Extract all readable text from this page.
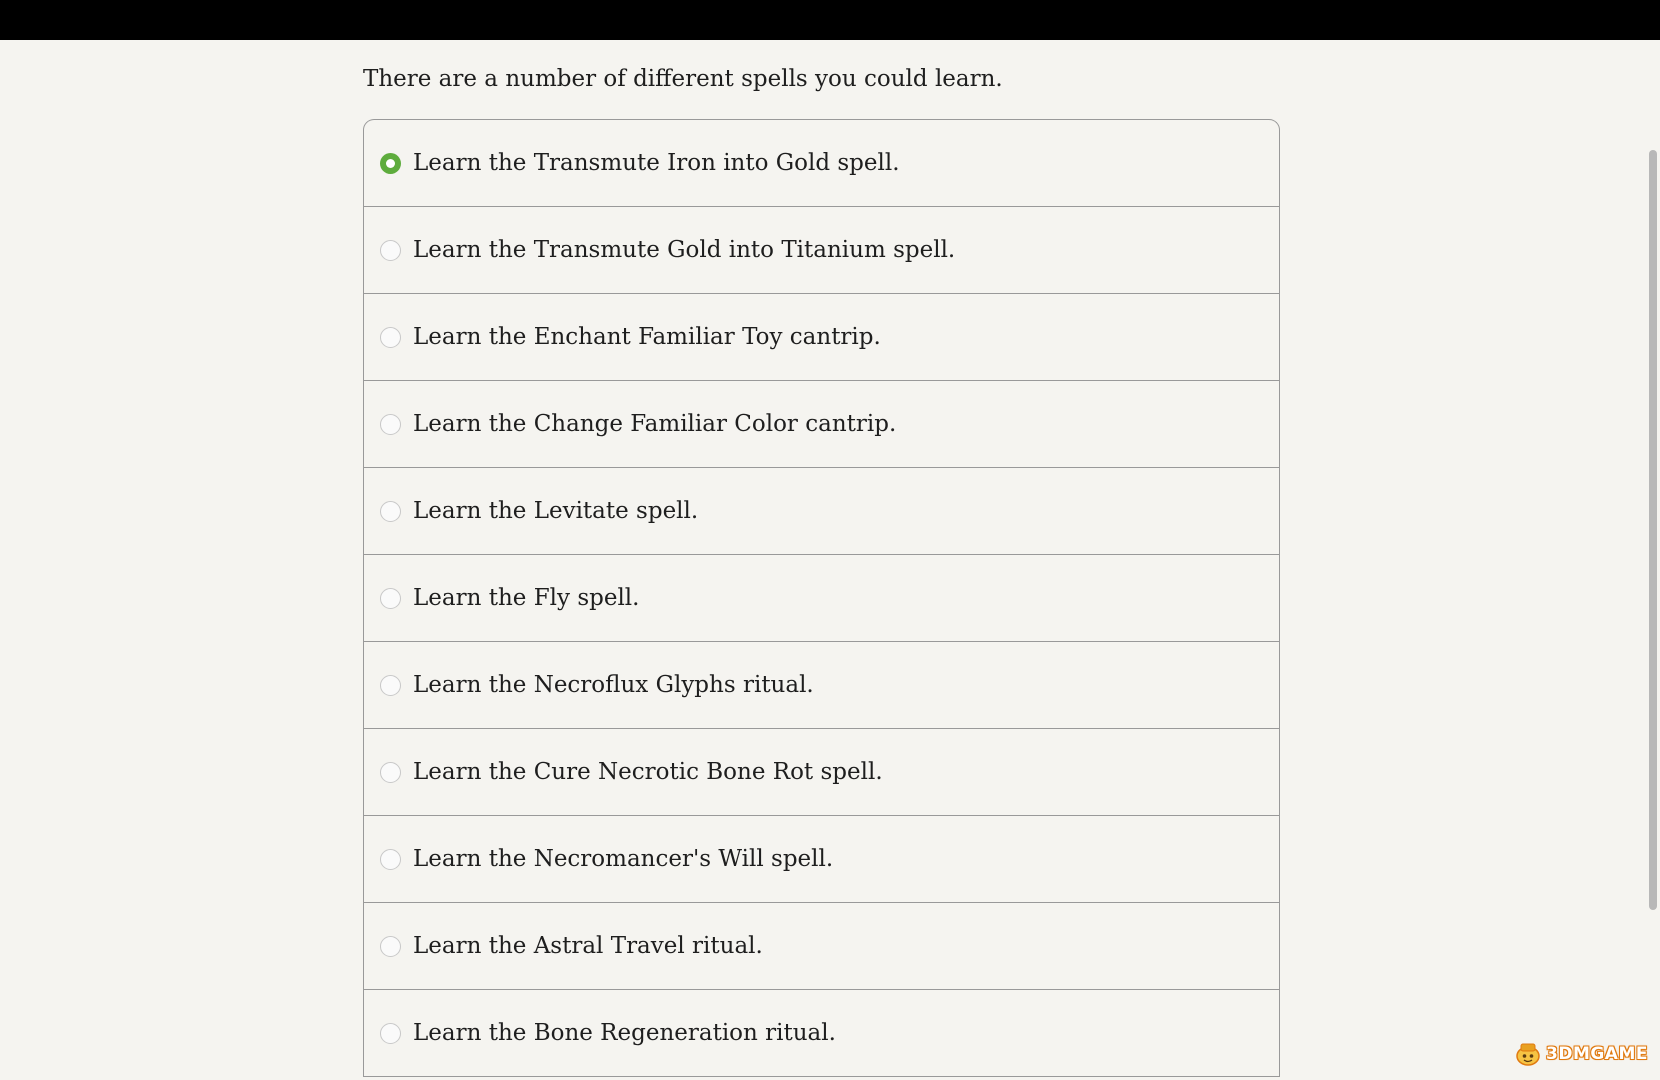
There are a number of different spells you could learn.

Learn the Transmute Iron into Gold spell.
Learn the Transmute Gold into Titanium spell.
Learn the Enchant Familiar Toy cantrip.
Learn the Change Familiar Color cantrip.
Learn the Levitate spell.
Learn the Fly spell.
Learn the Necroflux Glyphs ritual.
Learn the Cure Necrotic Bone Rot spell.
Learn the Necromancer's Will spell.
Learn the Astral Travel ritual.
Learn the Bone Regeneration ritual.
3DMGAME
